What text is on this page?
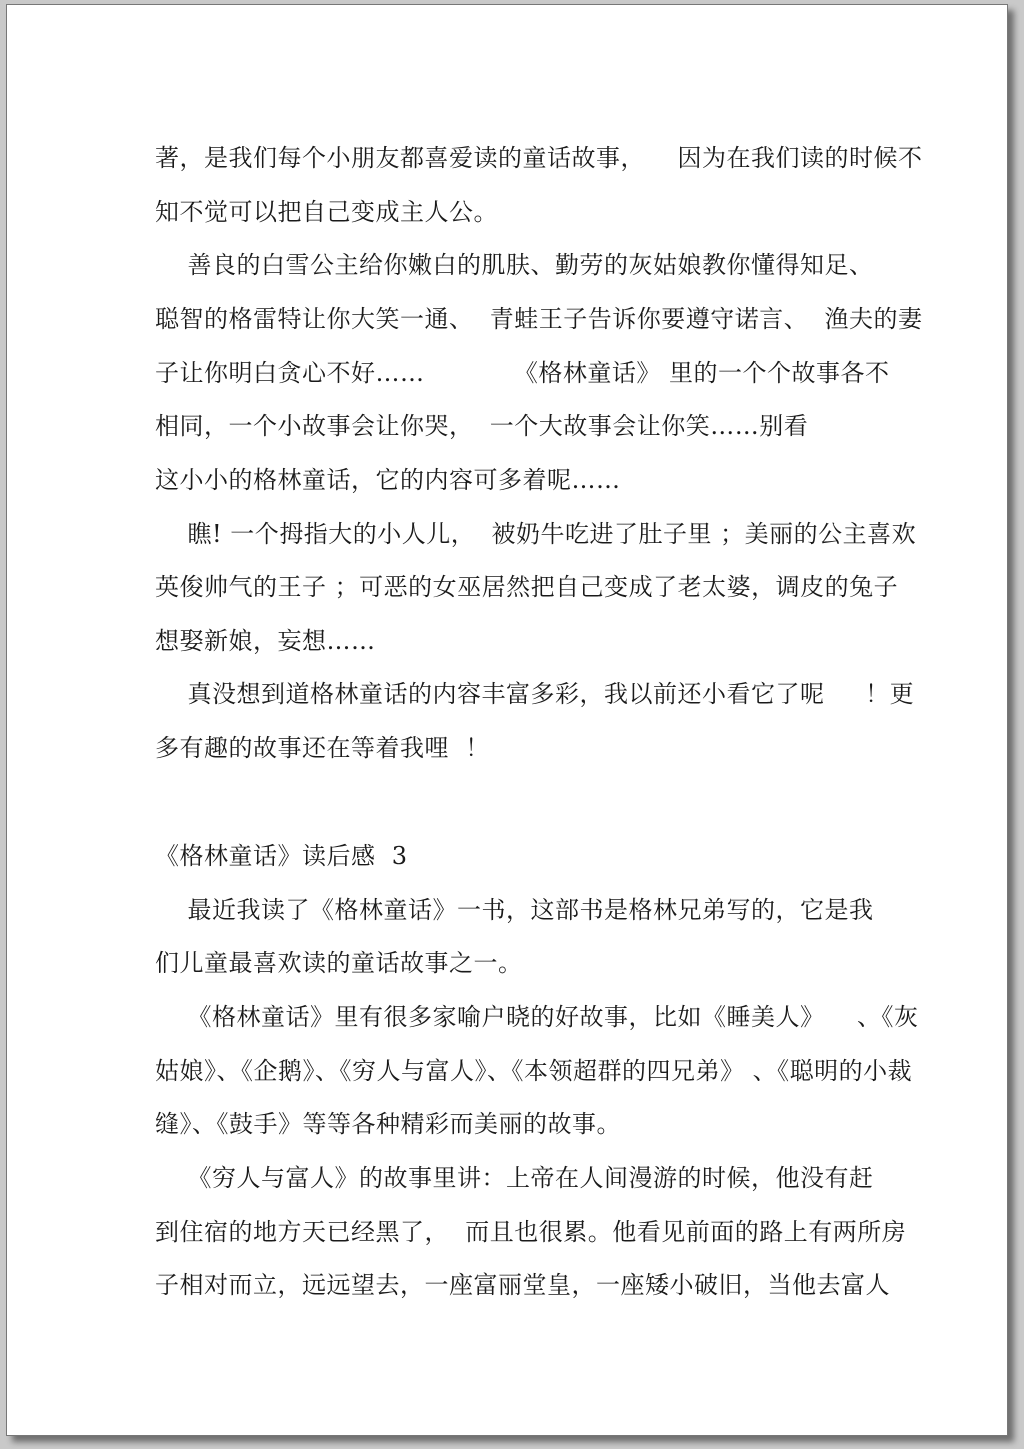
著，是我们每个小朋友都喜爱读的童话故事，    因为在我们读的时候不
知不觉可以把自己变成主人公。
善良的白雪公主给你嫩白的肌肤、勤劳的灰姑娘教你懂得知足、
聪智的格雷特让你大笑一通、  青蛙王子告诉你要遵守诺言、  渔夫的妻
子让你明白贪心不好……           《格林童话》 里的一个个故事各不
相同，一个小故事会让你哭，  一个大故事会让你笑……别看
这小小的格林童话，它的内容可多着呢……
瞧! 一个拇指大的小人儿，  被奶牛吃进了肚子里 ；美丽的公主喜欢
英俊帅气的王子 ；可恶的女巫居然把自己变成了老太婆，调皮的兔子
想娶新娘，妄想……
真没想到道格林童话的内容丰富多彩，我以前还小看它了呢     ！更
多有趣的故事还在等着我哩  ！
《格林童话》读后感  3
最近我读了《格林童话》一书，这部书是格林兄弟写的，它是我
们儿童最喜欢读的童话故事之一。
《格林童话》里有很多家喻户晓的好故事，比如《睡美人》    、《灰
姑娘》、《企鹅》、《穷人与富人》、《本领超群的四兄弟》 、《聪明的小裁
缝》、《鼓手》等等各种精彩而美丽的故事。
《穷人与富人》的故事里讲：上帝在人间漫游的时候，他没有赶
到住宿的地方天已经黑了，  而且也很累。他看见前面的路上有两所房
子相对而立，远远望去，一座富丽堂皇，一座矮小破旧，当他去富人
